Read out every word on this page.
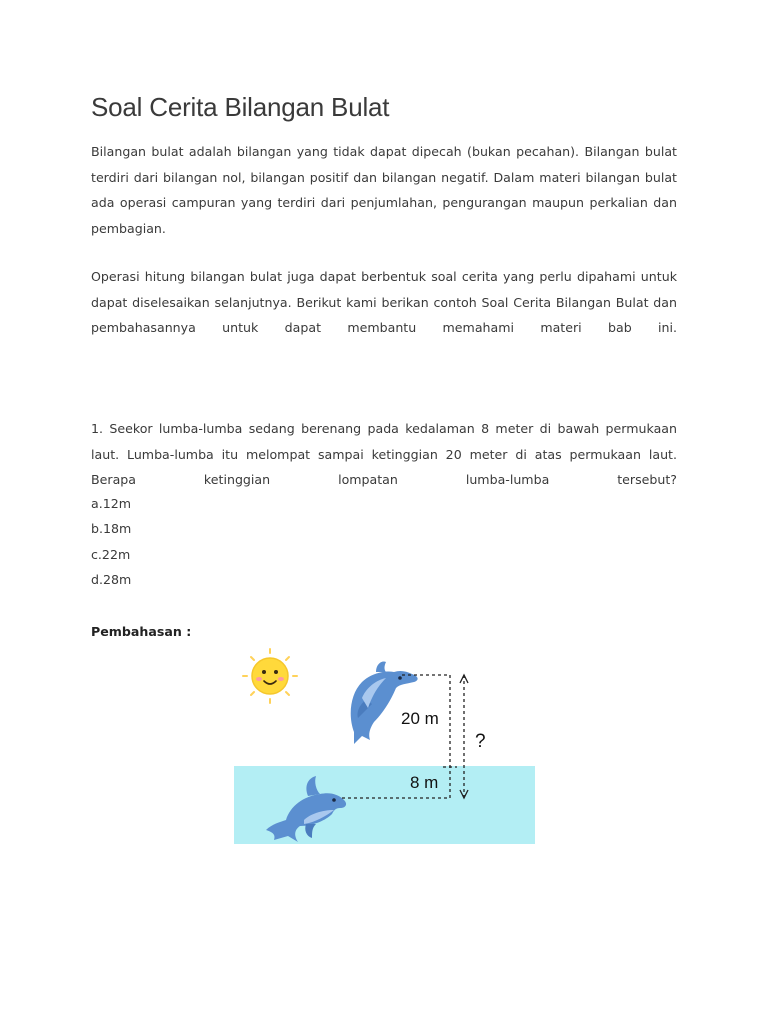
Soal Cerita Bilangan Bulat

Bilangan bulat adalah bilangan yang tidak dapat dipecah (bukan pecahan). Bilangan bulat terdiri dari bilangan nol, bilangan positif dan bilangan negatif. Dalam materi bilangan bulat ada operasi campuran yang terdiri dari penjumlahan, pengurangan maupun perkalian dan pembagian.

Operasi hitung bilangan bulat juga dapat berbentuk soal cerita yang perlu dipahami untuk dapat diselesaikan selanjutnya. Berikut kami berikan contoh Soal Cerita Bilangan Bulat dan pembahasannya untuk dapat membantu memahami materi bab ini.

1. Seekor lumba-lumba sedang berenang pada kedalaman 8 meter di bawah permukaan laut. Lumba-lumba itu melompat sampai ketinggian 20 meter di atas permukaan laut. Berapa ketinggian lompatan lumba-lumba tersebut?

a.12m

b.18m

c.22m

d.28m

Pembahasan :

20 m
8 m
?
